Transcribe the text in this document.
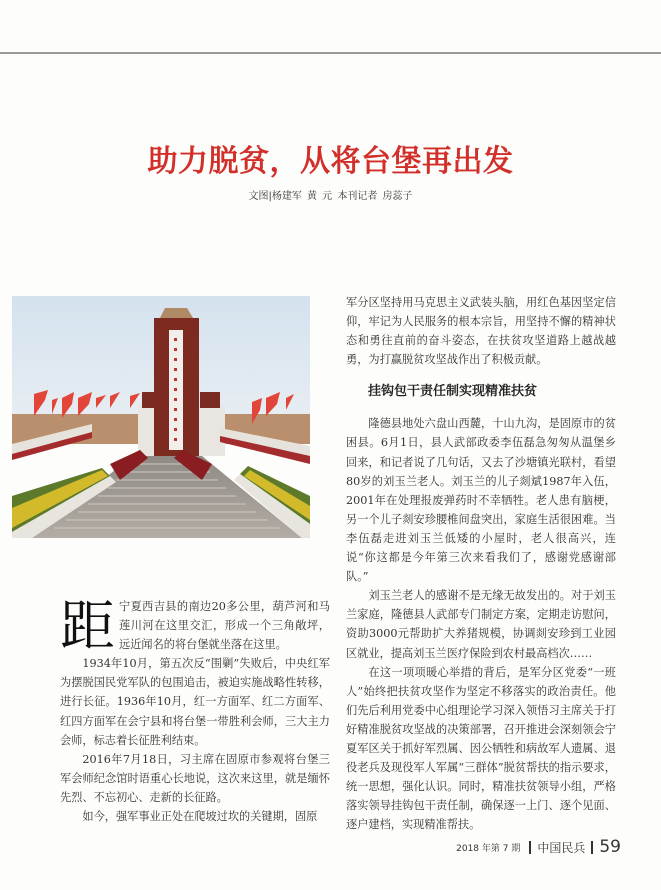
助力脱贫，从将台堡再出发
文图|杨建军 黄 元 本刊记者 房蕊子
距 宁夏西吉县的南边20多公里，葫芦河和马莲川河在这里交汇，形成一个三角敞坪，远近闻名的将台堡就坐落在这里。

1934年10月，第五次反“围剿”失败后，中央红军为摆脱国民党军队的包围追击，被迫实施战略性转移，进行长征。1936年10月，红一方面军、红二方面军、红四方面军在会宁县和将台堡一带胜利会师，三大主力会师，标志着长征胜利结束。

2016年7月18日，习主席在固原市参观将台堡三军会师纪念馆时语重心长地说，这次来这里，就是缅怀先烈、不忘初心、走新的长征路。

如今，强军事业正处在爬坡过坎的关键期，固原

军分区坚持用马克思主义武装头脑，用红色基因坚定信仰，牢记为人民服务的根本宗旨，用坚持不懈的精神状态和勇往直前的奋斗姿态，在扶贫攻坚道路上越战越勇，为打赢脱贫攻坚战作出了积极贡献。

挂钩包干责任制实现精准扶贫

隆德县地处六盘山西麓，十山九沟，是固原市的贫困县。6月1日，县人武部政委李伍磊急匆匆从温堡乡回来，和记者说了几句话，又去了沙塘镇光联村，看望80岁的刘玉兰老人。刘玉兰的儿子剡斌1987年入伍，2001年在处理报废弹药时不幸牺牲。老人患有脑梗，另一个儿子剡安珍腰椎间盘突出，家庭生活很困难。当李伍磊走进刘玉兰低矮的小屋时，老人很高兴，连说“你这都是今年第三次来看我们了，感谢党感谢部队。”

刘玉兰老人的感谢不是无缘无故发出的。对于刘玉兰家庭，隆德县人武部专门制定方案，定期走访慰问，资助3000元帮助扩大养猪规模，协调剡安珍到工业园区就业，提高刘玉兰医疗保险到农村最高档次……

在这一项项暖心举措的背后，是军分区党委“一班人”始终把扶贫攻坚作为坚定不移落实的政治责任。他们先后利用党委中心组理论学习深入领悟习主席关于打好精准脱贫攻坚战的决策部署，召开推进会深刻领会宁夏军区关于抓好军烈属、因公牺牲和病故军人遗属、退役老兵及现役军人军属“三群体”脱贫帮扶的指示要求，统一思想，强化认识。同时，精准扶贫领导小组，严格落实领导挂钩包干责任制，确保逐一上门、逐个见面、逐户建档，实现精准帮扶。

2018 年第 7 期 中国民兵 59
